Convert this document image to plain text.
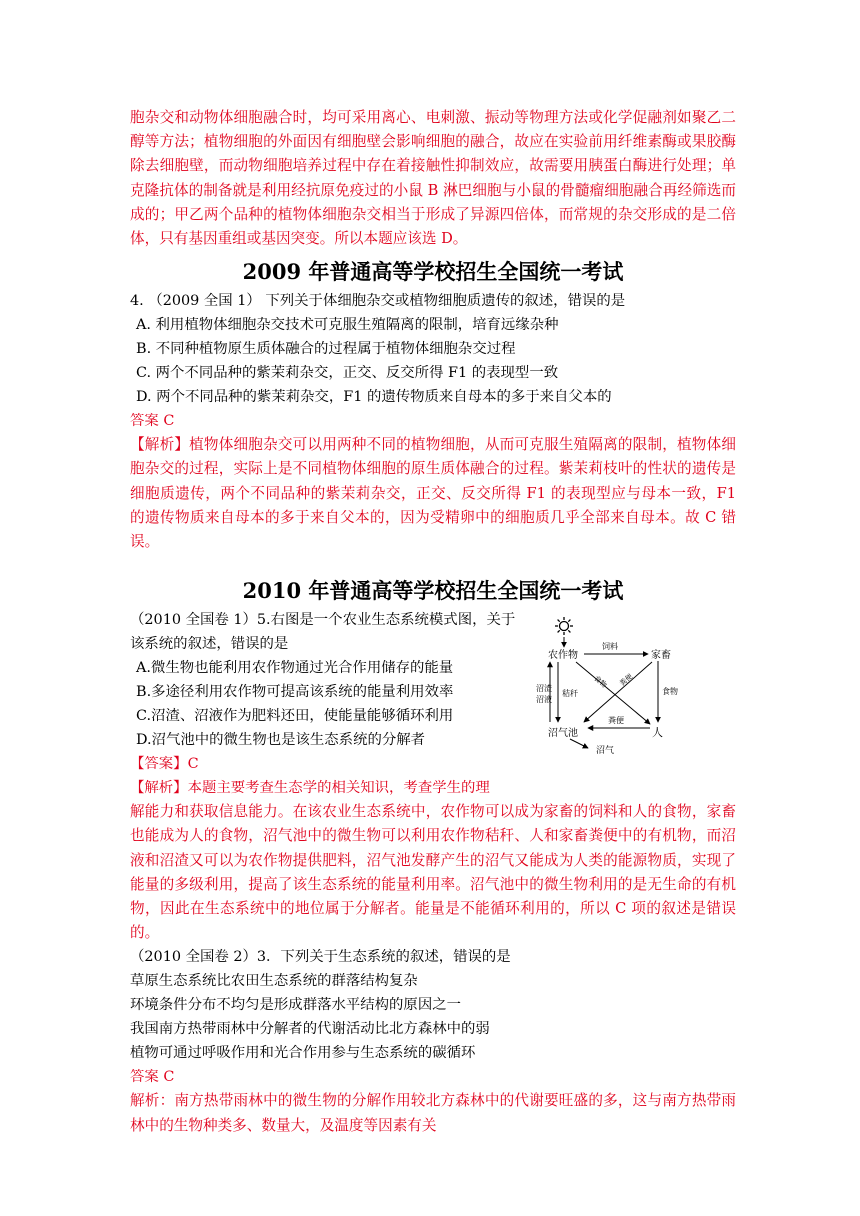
胞杂交和动物体细胞融合时，均可采用离心、电刺激、振动等物理方法或化学促融剂如聚乙二醇等方法；植物细胞的外面因有细胞壁会影响细胞的融合，故应在实验前用纤维素酶或果胶酶除去细胞壁，而动物细胞培养过程中存在着接触性抑制效应，故需要用胰蛋白酶进行处理；单克隆抗体的制备就是利用经抗原免疫过的小鼠 B 淋巴细胞与小鼠的骨髓瘤细胞融合再经筛选而成的；甲乙两个品种的植物体细胞杂交相当于形成了异源四倍体，而常规的杂交形成的是二倍体，只有基因重组或基因突变。所以本题应该选 D。

2009 年普通高等学校招生全国统一考试

4. （2009 全国 1） 下列关于体细胞杂交或植物细胞质遗传的叙述，错误的是

A. 利用植物体细胞杂交技术可克服生殖隔离的限制，培育远缘杂种

B. 不同种植物原生质体融合的过程属于植物体细胞杂交过程

C. 两个不同品种的紫茉莉杂交，正交、反交所得 F1 的表现型一致

D. 两个不同品种的紫茉莉杂交，F1 的遗传物质来自母本的多于来自父本的

答案 C

【解析】植物体细胞杂交可以用两种不同的植物细胞，从而可克服生殖隔离的限制，植物体细胞杂交的过程，实际上是不同植物体细胞的原生质体融合的过程。紫茉莉枝叶的性状的遗传是细胞质遗传，两个不同品种的紫茉莉杂交，正交、反交所得 F1 的表现型应与母本一致，F1 的遗传物质来自母本的多于来自父本的，因为受精卵中的细胞质几乎全部来自母本。故 C 错误。

2010 年普通高等学校招生全国统一考试

（2010 全国卷 1）5.右图是一个农业生态系统模式图，关于

该系统的叙述，错误的是

A.微生物也能利用农作物通过光合作用储存的能量

B.多途径利用农作物可提高该系统的能量利用效率

C.沼渣、沼液作为肥料还田，使能量能够循环利用

D.沼气池中的微生物也是该生态系统的分解者

【答案】C

【解析】本题主要考查生态学的相关知识，考查学生的理

解能力和获取信息能力。在该农业生态系统中，农作物可以成为家畜的饲料和人的食物，家畜也能成为人的食物，沼气池中的微生物可以利用农作物秸秆、人和家畜粪便中的有机物，而沼液和沼渣又可以为农作物提供肥料，沼气池发酵产生的沼气又能成为人类的能源物质，实现了能量的多级利用，提高了该生态系统的能量利用率。沼气池中的微生物利用的是无生命的有机物，因此在生态系统中的地位属于分解者。能量是不能循环利用的，所以 C 项的叙述是错误的。

（2010 全国卷 2）3．下列关于生态系统的叙述，错误的是

草原生态系统比农田生态系统的群落结构复杂

环境条件分布不均匀是形成群落水平结构的原因之一

我国南方热带雨林中分解者的代谢活动比北方森林中的弱

植物可通过呼吸作用和光合作用参与生态系统的碳循环

答案 C

解析：南方热带雨林中的微生物的分解作用较北方森林中的代谢要旺盛的多，这与南方热带雨林中的生物种类多、数量大，及温度等因素有关

农作物	家畜
沼气池	人
沼气
饲料
食物
秸秆
沼渣
沼液
粪便
食物 粪便
